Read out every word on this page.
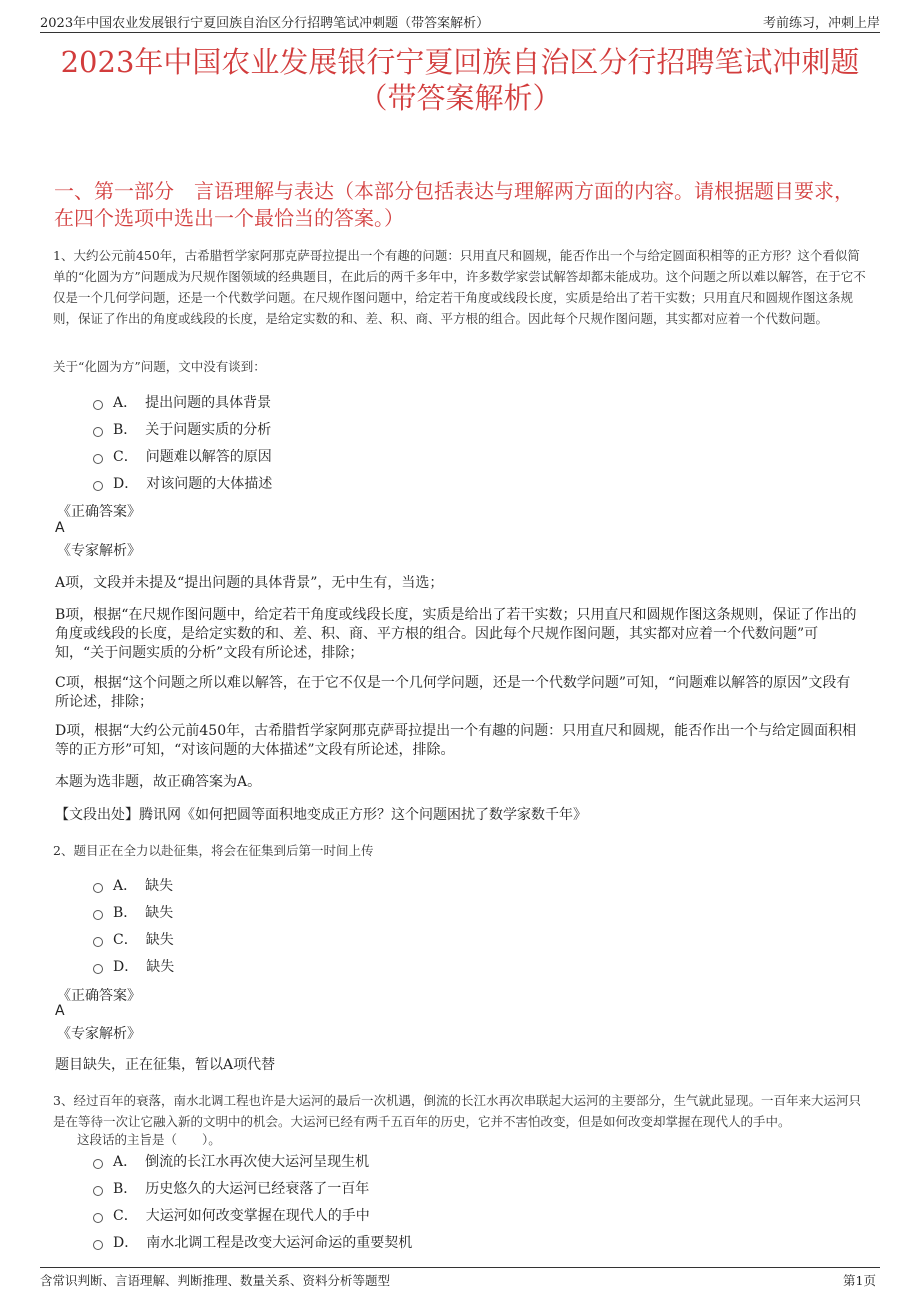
2023年中国农业发展银行宁夏回族自治区分行招聘笔试冲刺题（带答案解析）	考前练习，冲刺上岸
2023年中国农业发展银行宁夏回族自治区分行招聘笔试冲刺题
（带答案解析）
一、第一部分　言语理解与表达（本部分包括表达与理解两方面的内容。请根据题目要求，在四个选项中选出一个最恰当的答案。）
1、大约公元前450年，古希腊哲学家阿那克萨哥拉提出一个有趣的问题：只用直尺和圆规，能否作出一个与给定圆面积相等的正方形？这个看似简单的“化圆为方”问题成为尺规作图领域的经典题目，在此后的两千多年中，许多数学家尝试解答却都未能成功。这个问题之所以难以解答，在于它不仅是一个几何学问题，还是一个代数学问题。在尺规作图问题中，给定若干角度或线段长度，实质是给出了若干实数；只用直尺和圆规作图这条规则，保证了作出的角度或线段的长度，是给定实数的和、差、积、商、平方根的组合。因此每个尺规作图问题，其实都对应着一个代数问题。
关于“化圆为方”问题，文中没有谈到：
A． 提出问题的具体背景
B． 关于问题实质的分析
C． 问题难以解答的原因
D． 对该问题的大体描述
《正确答案》
A
《专家解析》
A项，文段并未提及“提出问题的具体背景”，无中生有，当选；
B项，根据“在尺规作图问题中，给定若干角度或线段长度，实质是给出了若干实数；只用直尺和圆规作图这条规则，保证了作出的角度或线段的长度，是给定实数的和、差、积、商、平方根的组合。因此每个尺规作图问题，其实都对应着一个代数问题”可知，“关于问题实质的分析”文段有所论述，排除；
C项，根据“这个问题之所以难以解答，在于它不仅是一个几何学问题，还是一个代数学问题”可知，“问题难以解答的原因”文段有所论述，排除；
D项，根据“大约公元前450年，古希腊哲学家阿那克萨哥拉提出一个有趣的问题：只用直尺和圆规，能否作出一个与给定圆面积相等的正方形”可知，“对该问题的大体描述”文段有所论述，排除。
本题为选非题，故正确答案为A。
【文段出处】腾讯网《如何把圆等面积地变成正方形？这个问题困扰了数学家数千年》
2、题目正在全力以赴征集，将会在征集到后第一时间上传
A． 缺失
B． 缺失
C． 缺失
D． 缺失
《正确答案》
A
《专家解析》
题目缺失，正在征集，暂以A项代替
3、经过百年的衰落，南水北调工程也许是大运河的最后一次机遇，倒流的长江水再次串联起大运河的主要部分，生气就此显现。一百年来大运河只是在等待一次让它融入新的文明中的机会。大运河已经有两千五百年的历史，它并不害怕改变，但是如何改变却掌握在现代人的手中。
这段话的主旨是（　　）。
A． 倒流的长江水再次使大运河呈现生机
B． 历史悠久的大运河已经衰落了一百年
C． 大运河如何改变掌握在现代人的手中
D． 南水北调工程是改变大运河命运的重要契机
含常识判断、言语理解、判断推理、数量关系、资料分析等题型	第1页
